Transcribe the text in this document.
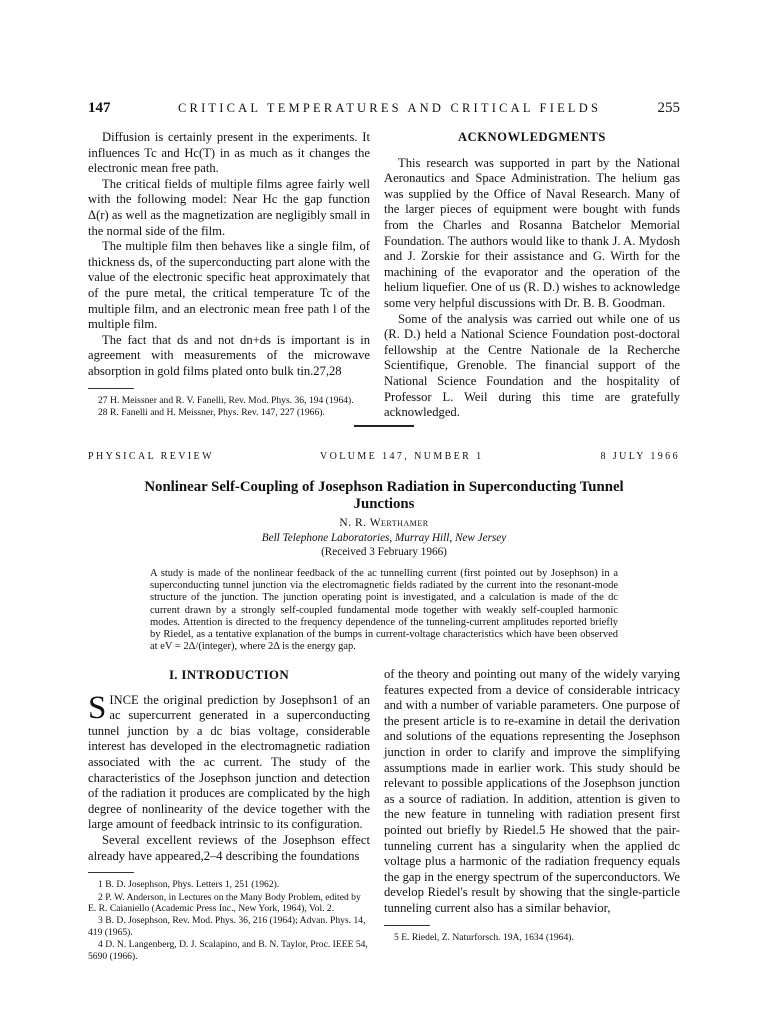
147	CRITICAL TEMPERATURES AND CRITICAL FIELDS	255

Diffusion is certainly present in the experiments. It influences Tc and Hc(T) in as much as it changes the electronic mean free path.

The critical fields of multiple films agree fairly well with the following model: Near Hc the gap function Δ(r) as well as the magnetization are negligibly small in the normal side of the film.

The multiple film then behaves like a single film, of thickness ds, of the superconducting part alone with the value of the electronic specific heat approximately that of the pure metal, the critical temperature Tc of the multiple film, and an electronic mean free path l of the multiple film.

The fact that ds and not dn+ds is important is in agreement with measurements of the microwave absorption in gold films plated onto bulk tin.27,28

27 H. Meissner and R. V. Fanelli, Rev. Mod. Phys. 36, 194 (1964).
28 R. Fanelli and H. Meissner, Phys. Rev. 147, 227 (1966).
ACKNOWLEDGMENTS

This research was supported in part by the National Aeronautics and Space Administration. The helium gas was supplied by the Office of Naval Research. Many of the larger pieces of equipment were bought with funds from the Charles and Rosanna Batchelor Memorial Foundation. The authors would like to thank J. A. Mydosh and J. Zorskie for their assistance and G. Wirth for the machining of the evaporator and the operation of the helium liquefier. One of us (R. D.) wishes to acknowledge some very helpful discussions with Dr. B. B. Goodman.

Some of the analysis was carried out while one of us (R. D.) held a National Science Foundation post-doctoral fellowship at the Centre Nationale de la Recherche Scientifique, Grenoble. The financial support of the National Science Foundation and the hospitality of Professor L. Weil during this time are gratefully acknowledged.

PHYSICAL REVIEW	VOLUME 147, NUMBER 1	8 JULY 1966
Nonlinear Self-Coupling of Josephson Radiation in Superconducting Tunnel Junctions
N. R. Werthamer
Bell Telephone Laboratories, Murray Hill, New Jersey
(Received 3 February 1966)
A study is made of the nonlinear feedback of the ac tunnelling current (first pointed out by Josephson) in a superconducting tunnel junction via the electromagnetic fields radiated by the current into the resonant-mode structure of the junction. The junction operating point is investigated, and a calculation is made of the dc current drawn by a strongly self-coupled fundamental mode together with weakly self-coupled harmonic modes. Attention is directed to the frequency dependence of the tunneling-current amplitudes reported briefly by Riedel, as a tentative explanation of the bumps in current-voltage characteristics which have been observed at eV = 2Δ/(integer), where 2Δ is the energy gap.
I. INTRODUCTION

SINCE the original prediction by Josephson1 of an ac supercurrent generated in a superconducting tunnel junction by a dc bias voltage, considerable interest has developed in the electromagnetic radiation associated with the ac current. The study of the characteristics of the Josephson junction and detection of the radiation it produces are complicated by the high degree of nonlinearity of the device together with the large amount of feedback intrinsic to its configuration.

Several excellent reviews of the Josephson effect already have appeared,2–4 describing the foundations

1 B. D. Josephson, Phys. Letters 1, 251 (1962).
2 P. W. Anderson, in Lectures on the Many Body Problem, edited by E. R. Caianiello (Academic Press Inc., New York, 1964), Vol. 2.
3 B. D. Josephson, Rev. Mod. Phys. 36, 216 (1964); Advan. Phys. 14, 419 (1965).
4 D. N. Langenberg, D. J. Scalapino, and B. N. Taylor, Proc. IEEE 54, 5690 (1966).

of the theory and pointing out many of the widely varying features expected from a device of considerable intricacy and with a number of variable parameters. One purpose of the present article is to re-examine in detail the derivation and solutions of the equations representing the Josephson junction in order to clarify and improve the simplifying assumptions made in earlier work. This study should be relevant to possible applications of the Josephson junction as a source of radiation. In addition, attention is given to the new feature in tunneling with radiation present first pointed out briefly by Riedel.5 He showed that the pair-tunneling current has a singularity when the applied dc voltage plus a harmonic of the radiation frequency equals the gap in the energy spectrum of the superconductors. We develop Riedel's result by showing that the single-particle tunneling current also has a similar behavior,

5 E. Riedel, Z. Naturforsch. 19A, 1634 (1964).
